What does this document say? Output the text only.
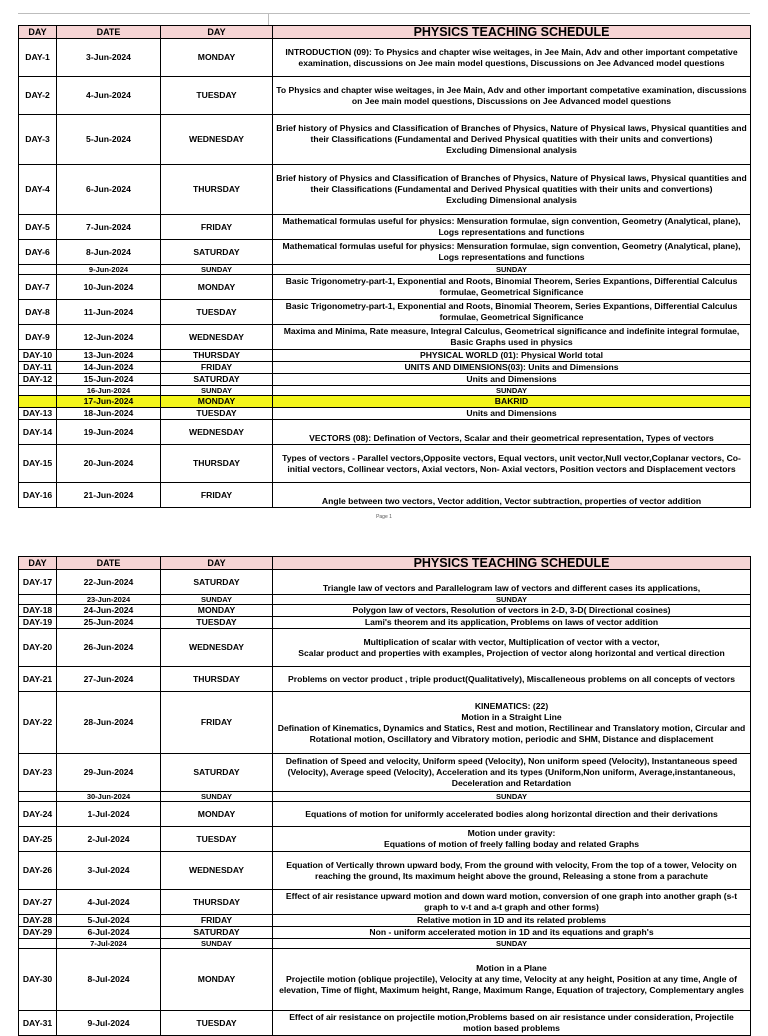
DAY	DATE	DAY	PHYSICS TEACHING SCHEDULE
DAY-1	3-Jun-2024	MONDAY	INTRODUCTION (09): To Physics and chapter wise weitages, in Jee Main, Adv and other important competative examination, discussions on Jee main model questions, Discussions on Jee Advanced model questions
DAY-2	4-Jun-2024	TUESDAY	To Physics and chapter wise weitages, in Jee Main, Adv and other important competative examination, discussions on Jee main model questions, Discussions on Jee Advanced model questions
DAY-3	5-Jun-2024	WEDNESDAY	Brief history of Physics and Classification of Branches of Physics, Nature of Physical laws, Physical quantities and their Classifications (Fundamental and Derived Physical quatities with their units and convertions)
Excluding Dimensional analysis
DAY-4	6-Jun-2024	THURSDAY	Brief history of Physics and Classification of Branches of Physics, Nature of Physical laws, Physical quantities and their Classifications (Fundamental and Derived Physical quatities with their units and convertions)
Excluding Dimensional analysis
DAY-5	7-Jun-2024	FRIDAY	Mathematical formulas useful for physics: Mensuration formulae, sign convention, Geometry (Analytical, plane), Logs representations and functions
DAY-6	8-Jun-2024	SATURDAY	Mathematical formulas useful for physics: Mensuration formulae, sign convention, Geometry (Analytical, plane), Logs representations and functions
	9-Jun-2024	SUNDAY	SUNDAY
DAY-7	10-Jun-2024	MONDAY	Basic Trigonometry-part-1, Exponential and Roots, Binomial Theorem, Series Expantions, Differential Calculus formulae, Geometrical Significance
DAY-8	11-Jun-2024	TUESDAY	Basic Trigonometry-part-1, Exponential and Roots, Binomial Theorem, Series Expantions, Differential Calculus formulae, Geometrical Significance
DAY-9	12-Jun-2024	WEDNESDAY	Maxima and Minima, Rate measure, Integral Calculus, Geometrical significance and indefinite integral formulae, Basic Graphs used in physics
DAY-10	13-Jun-2024	THURSDAY	PHYSICAL WORLD (01): Physical World total
DAY-11	14-Jun-2024	FRIDAY	UNITS AND DIMENSIONS(03): Units and Dimensions
DAY-12	15-Jun-2024	SATURDAY	Units and Dimensions
	16-Jun-2024	SUNDAY	SUNDAY
	17-Jun-2024	MONDAY	BAKRID
DAY-13	18-Jun-2024	TUESDAY	Units and Dimensions
DAY-14	19-Jun-2024	WEDNESDAY	VECTORS (08): Defination of Vectors, Scalar and their geometrical representation, Types of vectors
DAY-15	20-Jun-2024	THURSDAY	Types of vectors - Parallel vectors,Opposite vectors, Equal vectors, unit vector,Null vector,Coplanar vectors, Co-initial vectors, Collinear vectors, Axial vectors, Non- Axial vectors, Position vectors and Displacement vectors
DAY-16	21-Jun-2024	FRIDAY	Angle between two vectors, Vector addition, Vector subtraction, properties of vector addition
Page 1
DAY	DATE	DAY	PHYSICS TEACHING SCHEDULE
DAY-17	22-Jun-2024	SATURDAY	Triangle law of vectors and Parallelogram law of vectors and different cases its applications,
	23-Jun-2024	SUNDAY	SUNDAY
DAY-18	24-Jun-2024	MONDAY	Polygon law of vectors, Resolution of vectors in 2-D, 3-D( Directional cosines)
DAY-19	25-Jun-2024	TUESDAY	Lami's theorem and its application, Problems on laws of vector addition
DAY-20	26-Jun-2024	WEDNESDAY	Multiplication of scalar with vector, Multiplication of vector with a vector,
Scalar product and properties with examples, Projection of vector along horizontal and vertical direction
DAY-21	27-Jun-2024	THURSDAY	Problems on vector product , triple product(Qualitatively), Miscalleneous problems on all concepts of vectors
DAY-22	28-Jun-2024	FRIDAY	KINEMATICS: (22)
Motion in a Straight Line
Defination of Kinematics, Dynamics and Statics, Rest and motion, Rectilinear and Translatory motion, Circular and Rotational motion, Oscillatory and Vibratory motion, periodic and SHM, Distance and displacement
DAY-23	29-Jun-2024	SATURDAY	Defination of Speed and velocity, Uniform speed (Velocity), Non uniform speed (Velocity), Instantaneous speed (Velocity), Average speed (Velocity), Acceleration and its types (Uniform,Non uniform, Average,instantaneous, Deceleration and Retardation
	30-Jun-2024	SUNDAY	SUNDAY
DAY-24	1-Jul-2024	MONDAY	Equations of motion for uniformly accelerated bodies along horizontal direction and their derivations
DAY-25	2-Jul-2024	TUESDAY	Motion under gravity:
Equations of motion of freely falling boday and related Graphs
DAY-26	3-Jul-2024	WEDNESDAY	Equation of Vertically thrown upward body, From the ground with velocity, From the top of a tower, Velocity on reaching the ground, Its maximum height above the ground, Releasing a stone from a parachute
DAY-27	4-Jul-2024	THURSDAY	Effect of air resistance upward motion and down ward motion, conversion of one graph into another graph (s-t graph to v-t and a-t graph and other forms)
DAY-28	5-Jul-2024	FRIDAY	Relative motion in 1D and its related problems
DAY-29	6-Jul-2024	SATURDAY	Non - uniform accelerated motion in 1D and its equations and graph's
	7-Jul-2024	SUNDAY	SUNDAY
DAY-30	8-Jul-2024	MONDAY	Motion in a Plane
Projectile motion (oblique projectile), Velocity at any time, Velocity at any height, Position at any time, Angle of elevation, Time of flight, Maximum height, Range, Maximum Range, Equation of trajectory, Complementary angles
DAY-31	9-Jul-2024	TUESDAY	Effect of air resistance on projectile motion,Problems based on air resistance under consideration, Projectile motion based problems
